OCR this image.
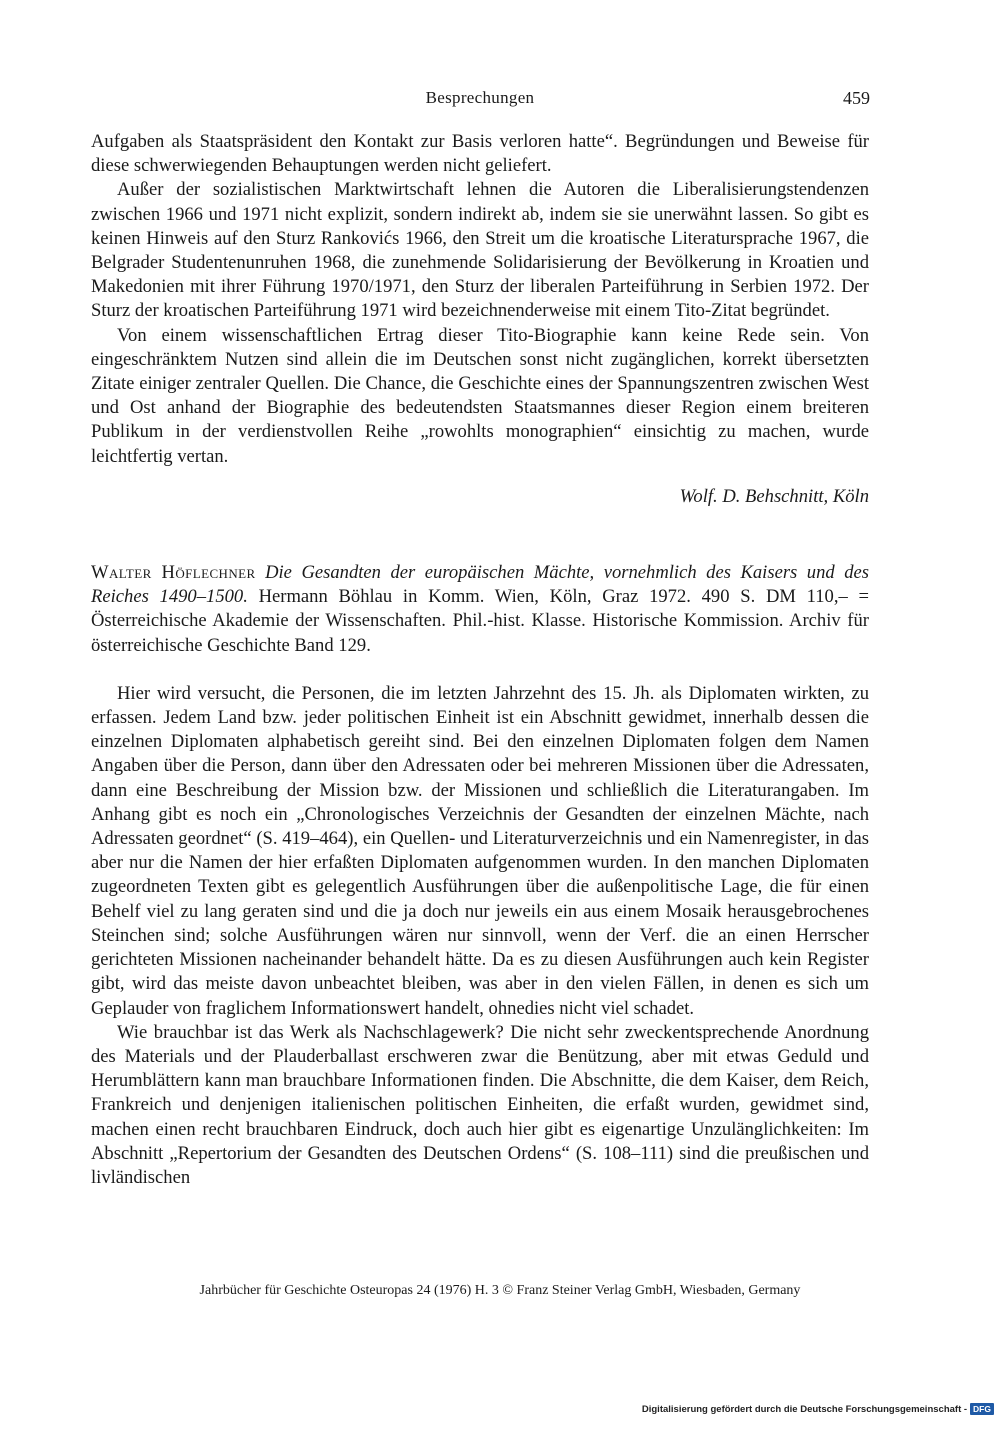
Besprechungen	459

Aufgaben als Staatspräsident den Kontakt zur Basis verloren hatte“. Begründungen und Beweise für diese schwerwiegenden Behauptungen werden nicht geliefert.

Außer der sozialistischen Marktwirtschaft lehnen die Autoren die Liberalisierungstendenzen zwischen 1966 und 1971 nicht explizit, sondern indirekt ab, indem sie sie unerwähnt lassen. So gibt es keinen Hinweis auf den Sturz Rankovićs 1966, den Streit um die kroatische Literatursprache 1967, die Belgrader Studentenunruhen 1968, die zunehmende Solidarisierung der Bevölkerung in Kroatien und Makedonien mit ihrer Führung 1970/1971, den Sturz der liberalen Parteiführung in Serbien 1972. Der Sturz der kroatischen Parteiführung 1971 wird bezeichnenderweise mit einem Tito-Zitat begründet.

Von einem wissenschaftlichen Ertrag dieser Tito-Biographie kann keine Rede sein. Von eingeschränktem Nutzen sind allein die im Deutschen sonst nicht zugänglichen, korrekt übersetzten Zitate einiger zentraler Quellen. Die Chance, die Geschichte eines der Spannungszentren zwischen West und Ost anhand der Biographie des bedeutendsten Staatsmannes dieser Region einem breiteren Publikum in der verdienstvollen Reihe „rowohlts monographien“ einsichtig zu machen, wurde leichtfertig vertan.

Wolf. D. Behschnitt, Köln

Walter Höflechner Die Gesandten der europäischen Mächte, vornehmlich des Kaisers und des Reiches 1490–1500. Hermann Böhlau in Komm. Wien, Köln, Graz 1972. 490 S. DM 110,– = Österreichische Akademie der Wissenschaften. Phil.-hist. Klasse. Historische Kommission. Archiv für österreichische Geschichte Band 129.

Hier wird versucht, die Personen, die im letzten Jahrzehnt des 15. Jh. als Diplomaten wirkten, zu erfassen. Jedem Land bzw. jeder politischen Einheit ist ein Abschnitt gewidmet, innerhalb dessen die einzelnen Diplomaten alphabetisch gereiht sind. Bei den einzelnen Diplomaten folgen dem Namen Angaben über die Person, dann über den Adressaten oder bei mehreren Missionen über die Adressaten, dann eine Beschreibung der Mission bzw. der Missionen und schließlich die Literaturangaben. Im Anhang gibt es noch ein „Chronologisches Verzeichnis der Gesandten der einzelnen Mächte, nach Adressaten geordnet“ (S. 419–464), ein Quellen- und Literaturverzeichnis und ein Namenregister, in das aber nur die Namen der hier erfaßten Diplomaten aufgenommen wurden. In den manchen Diplomaten zugeordneten Texten gibt es gelegentlich Ausführungen über die außenpolitische Lage, die für einen Behelf viel zu lang geraten sind und die ja doch nur jeweils ein aus einem Mosaik herausgebrochenes Steinchen sind; solche Ausführungen wären nur sinnvoll, wenn der Verf. die an einen Herrscher gerichteten Missionen nacheinander behandelt hätte. Da es zu diesen Ausführungen auch kein Register gibt, wird das meiste davon unbeachtet bleiben, was aber in den vielen Fällen, in denen es sich um Geplauder von fraglichem Informationswert handelt, ohnedies nicht viel schadet.

Wie brauchbar ist das Werk als Nachschlagewerk? Die nicht sehr zweckentsprechende Anordnung des Materials und der Plauderballast erschweren zwar die Benützung, aber mit etwas Geduld und Herumblättern kann man brauchbare Informationen finden. Die Abschnitte, die dem Kaiser, dem Reich, Frankreich und denjenigen italienischen politischen Einheiten, die erfaßt wurden, gewidmet sind, machen einen recht brauchbaren Eindruck, doch auch hier gibt es eigenartige Unzulänglichkeiten: Im Abschnitt „Repertorium der Gesandten des Deutschen Ordens“ (S. 108–111) sind die preußischen und livländischen

Jahrbücher für Geschichte Osteuropas 24 (1976) H. 3 © Franz Steiner Verlag GmbH, Wiesbaden, Germany
Digitalisierung gefördert durch die Deutsche Forschungsgemeinschaft - DFG
